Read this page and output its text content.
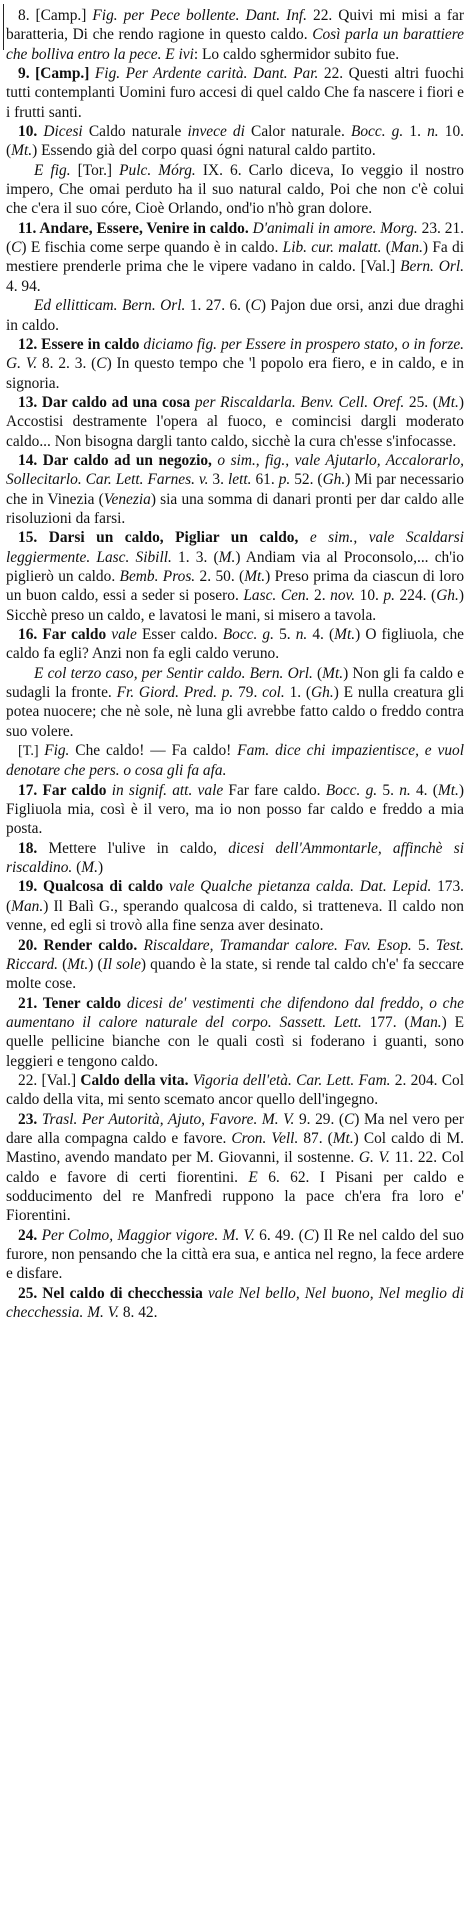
8. [Camp.] Fig. per Pece bollente. Dant. Inf. 22. Quivi mi misi a far baratteria, Di che rendo ragione in questo caldo. Così parla un barattiere che bolliva entro la pece. E ivi: Lo caldo sghermidor subito fue.

9. [Camp.] Fig. Per Ardente carità. Dant. Par. 22. Questi altri fuochi tutti contemplanti Uomini furo accesi di quel caldo Che fa nascere i fiori e i frutti santi.

10. Dicesi Caldo naturale invece di Calor naturale. Bocc. g. 1. n. 10. (Mt.) Essendo già del corpo quasi ógni natural caldo partito.

E fig. [Tor.] Pulc. Mórg. IX. 6. Carlo diceva, Io veggio il nostro impero, Che omai perduto ha il suo natural caldo, Poi che non c'è colui che c'era il suo córe, Cioè Orlando, ond'io n'hò gran dolore.

11. Andare, Essere, Venire in caldo. D'animali in amore. Morg. 23. 21. (C) E fischia come serpe quando è in caldo. Lib. cur. malatt. (Man.) Fa di mestiere prenderle prima che le vipere vadano in caldo. [Val.] Bern. Orl. 4. 94.

Ed ellitticam. Bern. Orl. 1. 27. 6. (C) Pajon due orsi, anzi due draghi in caldo.

12. Essere in caldo diciamo fig. per Essere in prospero stato, o in forze. G. V. 8. 2. 3. (C) In questo tempo che 'l popolo era fiero, e in caldo, e in signoria.

13. Dar caldo ad una cosa per Riscaldarla. Benv. Cell. Oref. 25. (Mt.) Accostisi destramente l'opera al fuoco, e comincisi dargli moderato caldo... Non bisogna dargli tanto caldo, sicchè la cura ch'esse s'infocasse.

14. Dar caldo ad un negozio, o sim., fig., vale Ajutarlo, Accalorarlo, Sollecitarlo. Car. Lett. Farnes. v. 3. lett. 61. p. 52. (Gh.) Mi par necessario che in Vinezia (Venezia) sia una somma di danari pronti per dar caldo alle risoluzioni da farsi.

15. Darsi un caldo, Pigliar un caldo, e sim., vale Scaldarsi leggiermente. Lasc. Sibill. 1. 3. (M.) Andiam via al Proconsolo,... ch'io piglierò un caldo. Bemb. Pros. 2. 50. (Mt.) Preso prima da ciascun di loro un buon caldo, essi a seder si posero. Lasc. Cen. 2. nov. 10. p. 224. (Gh.) Sicchè preso un caldo, e lavatosi le mani, si misero a tavola.

16. Far caldo vale Esser caldo. Bocc. g. 5. n. 4. (Mt.) O figliuola, che caldo fa egli? Anzi non fa egli caldo veruno.

E col terzo caso, per Sentir caldo. Bern. Orl. (Mt.) Non gli fa caldo e sudagli la fronte. Fr. Giord. Pred. p. 79. col. 1. (Gh.) E nulla creatura gli potea nuocere; che nè sole, nè luna gli avrebbe fatto caldo o freddo contra suo volere.

[T.] Fig. Che caldo! — Fa caldo! Fam. dice chi impazientisce, e vuol denotare che pers. o cosa gli fa afa.

17. Far caldo in signif. att. vale Far fare caldo. Bocc. g. 5. n. 4. (Mt.) Figliuola mia, così è il vero, ma io non posso far caldo e freddo a mia posta.

18. Mettere l'ulive in caldo, dicesi dell'Ammontarle, affinchè si riscaldino. (M.)

19. Qualcosa di caldo vale Qualche pietanza calda. Dat. Lepid. 173. (Man.) Il Balì G., sperando qualcosa di caldo, si tratteneva. Il caldo non venne, ed egli si trovò alla fine senza aver desinato.

20. Render caldo. Riscaldare, Tramandar calore. Fav. Esop. 5. Test. Riccard. (Mt.) (Il sole) quando è la state, si rende tal caldo ch'e' fa seccare molte cose.

21. Tener caldo dicesi de' vestimenti che difendono dal freddo, o che aumentano il calore naturale del corpo. Sassett. Lett. 177. (Man.) E quelle pellicine bianche con le quali costì si foderano i guanti, sono leggieri e tengono caldo.

22. [Val.] Caldo della vita. Vigoria dell'età. Car. Lett. Fam. 2. 204. Col caldo della vita, mi sento scemato ancor quello dell'ingegno.

23. Trasl. Per Autorità, Ajuto, Favore. M. V. 9. 29. (C) Ma nel vero per dare alla compagna caldo e favore. Cron. Vell. 87. (Mt.) Col caldo di M. Mastino, avendo mandato per M. Giovanni, il sostenne. G. V. 11. 22. Col caldo e favore di certi fiorentini. E 6. 62. I Pisani per caldo e sodducimento del re Manfredi ruppono la pace ch'era fra loro e' Fiorentini.

24. Per Colmo, Maggior vigore. M. V. 6. 49. (C) Il Re nel caldo del suo furore, non pensando che la città era sua, e antica nel regno, la fece ardere e disfare.

25. Nel caldo di checchessia vale Nel bello, Nel buono, Nel meglio di checchessia. M. V. 8. 42.
